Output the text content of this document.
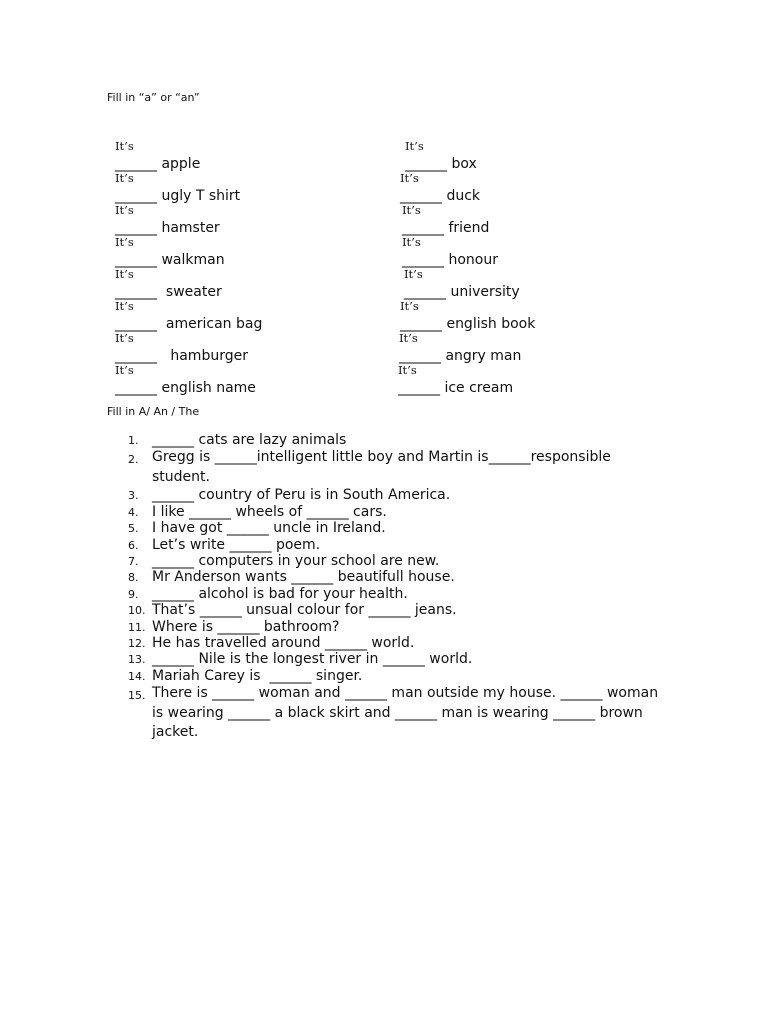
Fill in “a” or “an”

It’s
______ apple

It’s
______ ugly T shirt

It’s
______ hamster

It’s
______ walkman

It’s
______  sweater

It’s
______  american bag

It’s
______   hamburger

It’s
______ english name

It’s
______ box

It’s
______ duck

It’s
______ friend

It’s
______ honour

It’s
______ university

It’s
______ english book

It’s
______ angry man

It’s
______ ice cream

Fill in A/ An / The
1. ______ cats are lazy animals
2. Gregg is ______intelligent little boy and Martin is______responsible student.
3. ______ country of Peru is in South America.
4. I like ______ wheels of ______ cars.
5. I have got ______ uncle in Ireland.
6. Let’s write ______ poem.
7. ______ computers in your school are new.
8. Mr Anderson wants ______ beautifull house.
9. ______ alcohol is bad for your health.
10. That’s ______ unsual colour for ______ jeans.
11. Where is ______ bathroom?
12. He has travelled around ______ world.
13. ______ Nile is the longest river in ______ world.
14. Mariah Carey is  ______ singer.
15. There is ______ woman and ______ man outside my house. ______ woman is wearing ______ a black skirt and ______ man is wearing ______ brown jacket.
